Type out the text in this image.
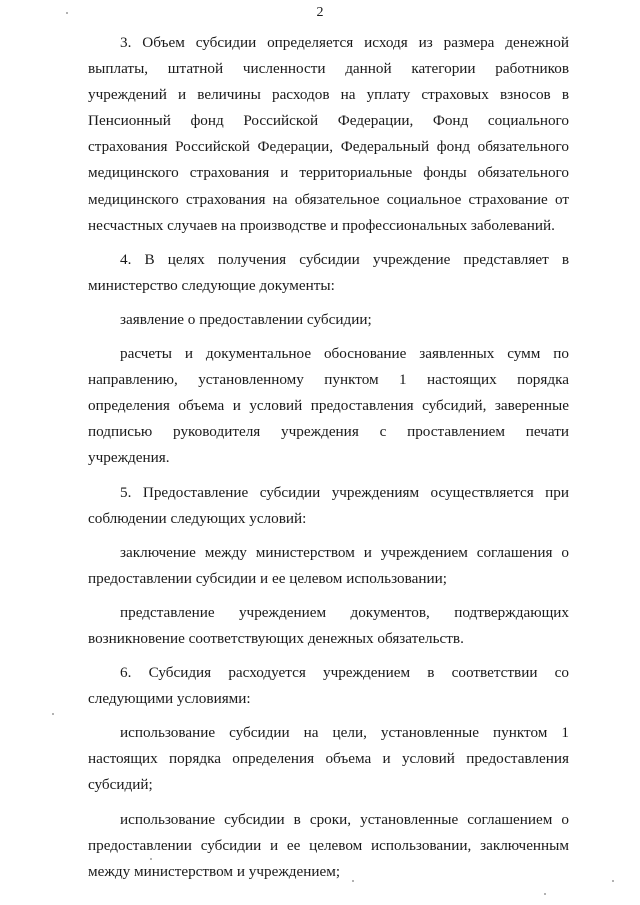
2

3. Объем субсидии определяется исходя из размера денежной выплаты, штатной численности данной категории работников учреждений и величины расходов на уплату страховых взносов в Пенсионный фонд Российской Федерации, Фонд социального страхования Российской Федерации, Федеральный фонд обязательного медицинского страхования и территориальные фонды обязательного медицинского страхования на обязательное социальное страхование от несчастных случаев на производстве и профессиональных заболеваний.

4. В целях получения субсидии учреждение представляет в министерство следующие документы:

заявление о предоставлении субсидии;

расчеты и документальное обоснование заявленных сумм по направлению, установленному пунктом 1 настоящих порядка определения объема и условий предоставления субсидий, заверенные подписью руководителя учреждения с проставлением печати учреждения.

5. Предоставление субсидии учреждениям осуществляется при соблюдении следующих условий:

заключение между министерством и учреждением соглашения о предоставлении субсидии и ее целевом использовании;

представление учреждением документов, подтверждающих возникновение соответствующих денежных обязательств.

6. Субсидия расходуется учреждением в соответствии со следующими условиями:

использование субсидии на цели, установленные пунктом 1 настоящих порядка определения объема и условий предоставления субсидий;

использование субсидии в сроки, установленные соглашением о предоставлении субсидии и ее целевом использовании, заключенным между министерством и учреждением;
